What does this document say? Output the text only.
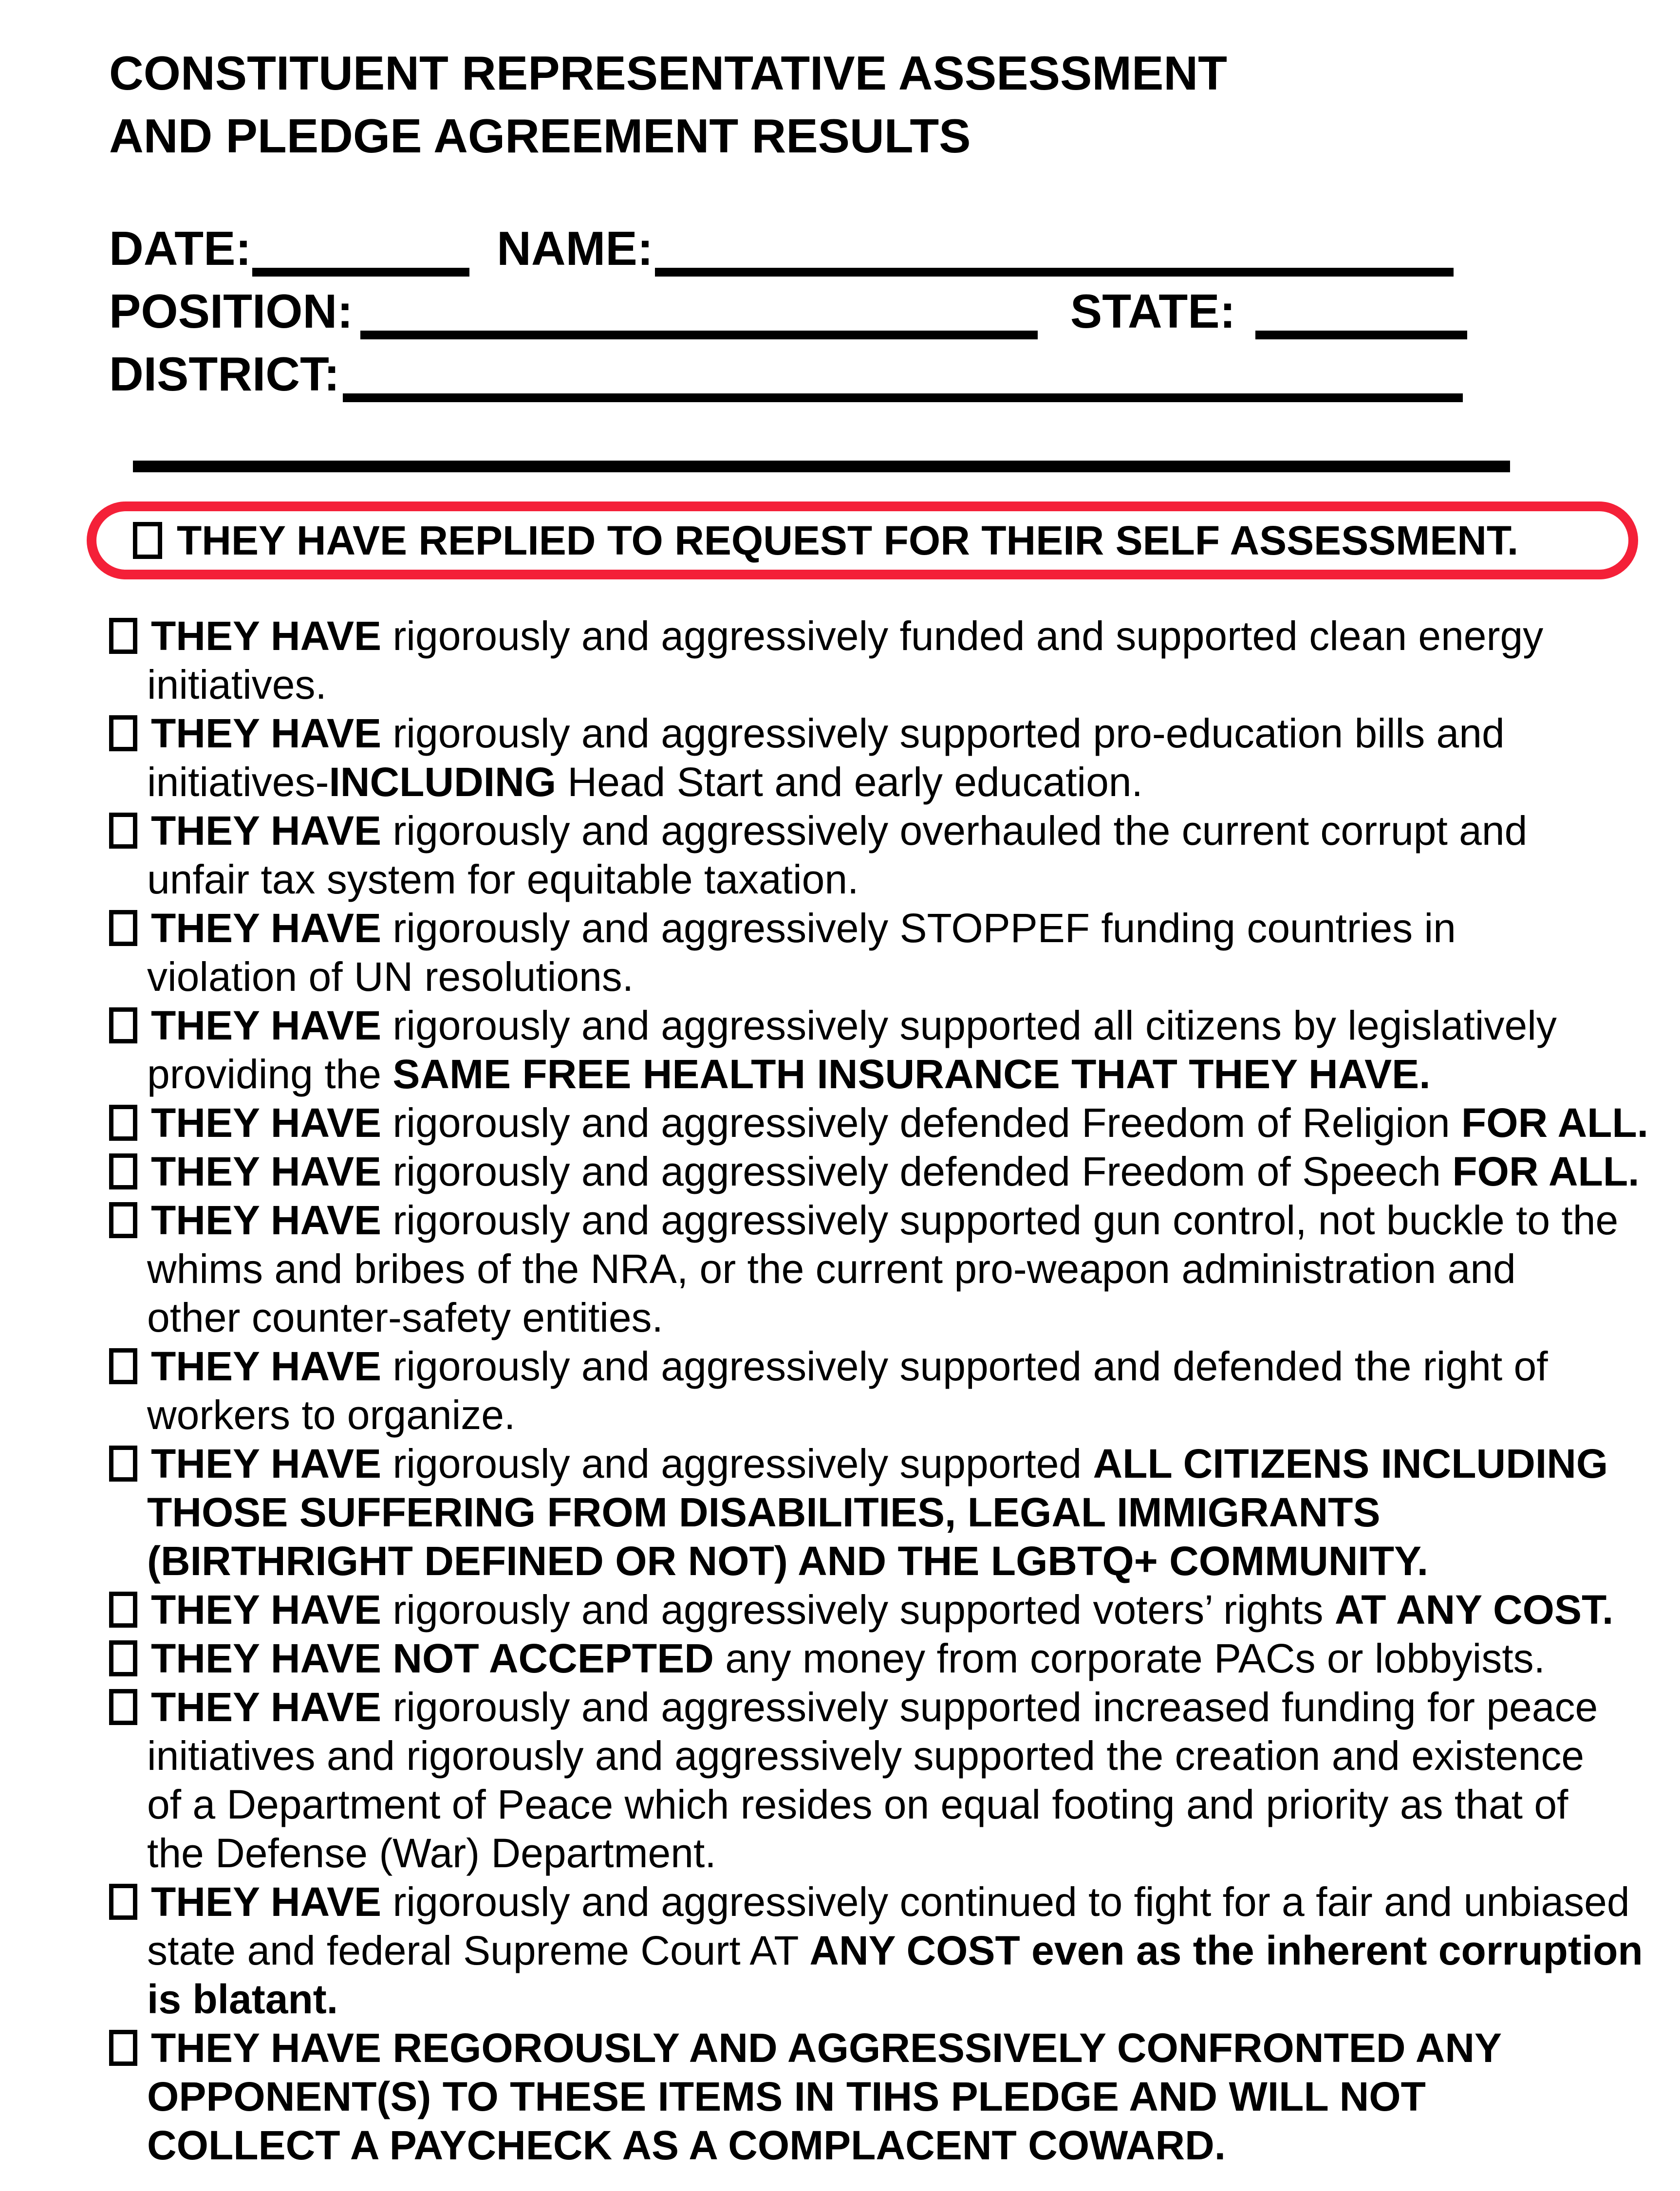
CONSTITUENT REPRESENTATIVE ASSESSMENT
AND PLEDGE AGREEMENT RESULTS
DATE:	NAME:
POSITION:	STATE:
DISTRICT:
THEY HAVE REPLIED TO REQUEST FOR THEIR SELF ASSESSMENT.
THEY HAVE rigorously and aggressively funded and supported clean energy
initiatives.
THEY HAVE rigorously and aggressively supported pro-education bills and
initiatives-INCLUDING Head Start and early education.
THEY HAVE rigorously and aggressively overhauled the current corrupt and
unfair tax system for equitable taxation.
THEY HAVE rigorously and aggressively STOPPEF funding countries in
violation of UN resolutions.
THEY HAVE rigorously and aggressively supported all citizens by legislatively
providing the SAME FREE HEALTH INSURANCE THAT THEY HAVE.
THEY HAVE rigorously and aggressively defended Freedom of Religion FOR ALL.
THEY HAVE rigorously and aggressively defended Freedom of Speech FOR ALL.
THEY HAVE rigorously and aggressively supported gun control, not buckle to the
whims and bribes of the NRA, or the current pro-weapon administration and
other counter-safety entities.
THEY HAVE rigorously and aggressively supported and defended the right of
workers to organize.
THEY HAVE rigorously and aggressively supported ALL CITIZENS INCLUDING
THOSE SUFFERING FROM DISABILITIES, LEGAL IMMIGRANTS
(BIRTHRIGHT DEFINED OR NOT) AND THE LGBTQ+ COMMUNITY.
THEY HAVE rigorously and aggressively supported voters’ rights AT ANY COST.
THEY HAVE NOT ACCEPTED any money from corporate PACs or lobbyists.
THEY HAVE rigorously and aggressively supported increased funding for peace
initiatives and rigorously and aggressively supported the creation and existence
of a Department of Peace which resides on equal footing and priority as that of
the Defense (War) Department.
THEY HAVE rigorously and aggressively continued to fight for a fair and unbiased
state and federal Supreme Court AT ANY COST even as the inherent corruption
is blatant.
THEY HAVE REGOROUSLY AND AGGRESSIVELY CONFRONTED ANY
OPPONENT(S) TO THESE ITEMS IN TIHS PLEDGE AND WILL NOT
COLLECT A PAYCHECK AS A COMPLACENT COWARD.
